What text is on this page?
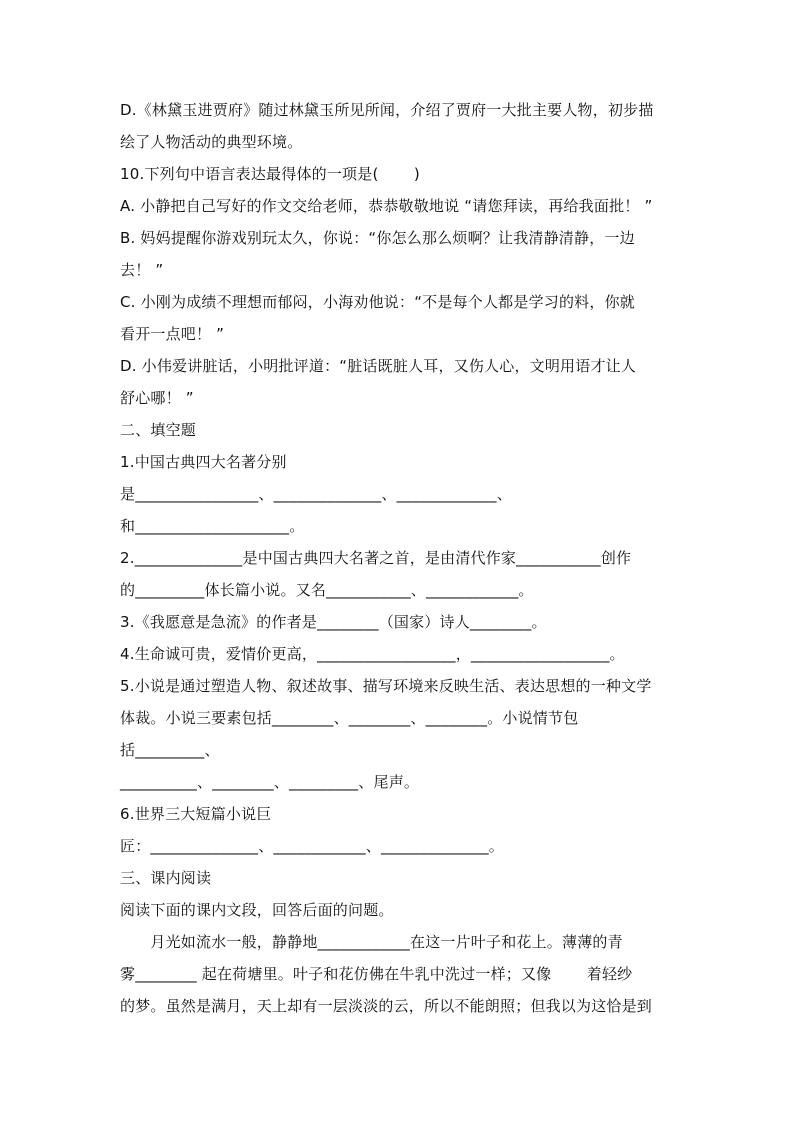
D.《林黛玉进贾府》随过林黛玉所见所闻，介绍了贾府一大批主要人物，初步描
绘了人物活动的典型环境。
10.下列句中语言表达最得体的一项是(　　 )
A. 小静把自己写好的作文交给老师，恭恭敬敬地说 “请您拜读，再给我面批！ ”
B. 妈妈提醒你游戏别玩太久，你说：“你怎么那么烦啊？让我清静清静，一边
去！ ”
C. 小刚为成绩不理想而郁闷，小海劝他说：“不是每个人都是学习的料，你就
看开一点吧！ ”
D. 小伟爱讲脏话，小明批评道：“脏话既脏人耳，又伤人心，文明用语才让人
舒心哪！ ”
二、填空题
1.中国古典四大名著分别
是________________、______________、_____________、
和____________________。
2.______________是中国古典四大名著之首，是由清代作家___________创作
的_________体长篇小说。又名___________、____________。
3.《我愿意是急流》的作者是________（国家）诗人________。
4.生命诚可贵，爱情价更高，__________________，__________________。
5.小说是通过塑造人物、叙述故事、描写环境来反映生活、表达思想的一种文学
体裁。小说三要素包括________、________、________。小说情节包
括_________、
__________、________、_________、尾声。
6.世界三大短篇小说巨
匠：______________、____________、______________。
三、课内阅读
阅读下面的课内文段，回答后面的问题。
　　月光如流水一般，静静地____________在这一片叶子和花上。薄薄的青
雾________ 起在荷塘里。叶子和花仿佛在牛乳中洗过一样；又像　　 着轻纱
的梦。虽然是满月，天上却有一层淡淡的云，所以不能朗照；但我以为这恰是到
